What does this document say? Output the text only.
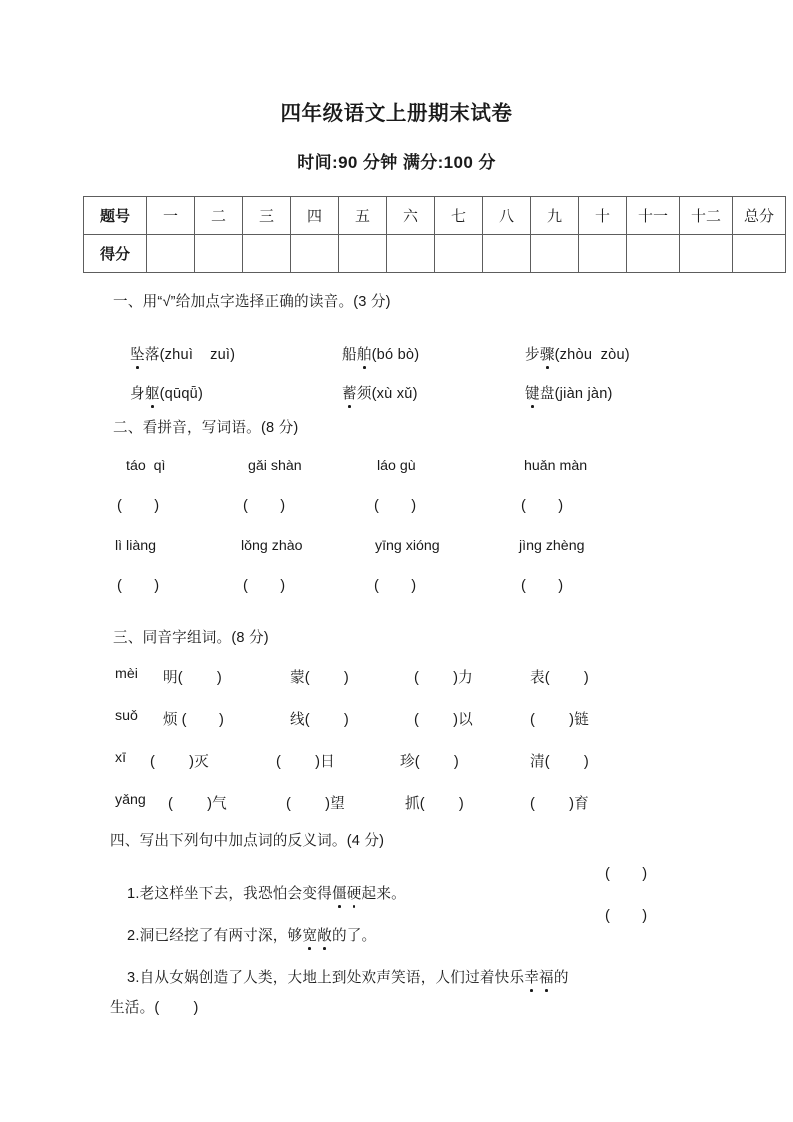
四年级语文上册期末试卷
时间:90 分钟 满分:100 分
题号	一	二	三	四	五	六	七	八	九	十	十一	十二	总分
得分													
一、用“√”给加点字选择正确的读音。(3 分)

坠落(zhuì    zuì)
	船舶(bó bò)
	步骤(zhòu  zòu)

身躯(qūqǖ)
	蓄须(xù xǔ)
	键盘(jiàn jàn)

二、看拼音，写词语。(8 分)
táo  qì	gǎi shàn	láo gù	huǎn màn
(        )	(        )	(        )	(        )
lì liàng	lǒng zhào	yīng xióng	jìng zhèng
(        )	(        )	(        )	(        )
三、同音字组词。(8 分)
mèi 明(        )	蒙(        )	(        )力	表(        )
suǒ 烦 (        )	线(        )	(        )以	(        )链
xī (        )灭	(        )日	珍(        )	清(        )
yǎng (        )气	(        )望	抓(        )	(        )育
四、写出下列句中加点词的反义词。(4 分)

1.老这样坐下去，我恐怕会变得僵硬起来。

(        )

2.洞已经挖了有两寸深，够宽敞的了。

(        )

3.自从女娲创造了人类，大地上到处欢声笑语，人们过着快乐幸福的

生活。(        )
